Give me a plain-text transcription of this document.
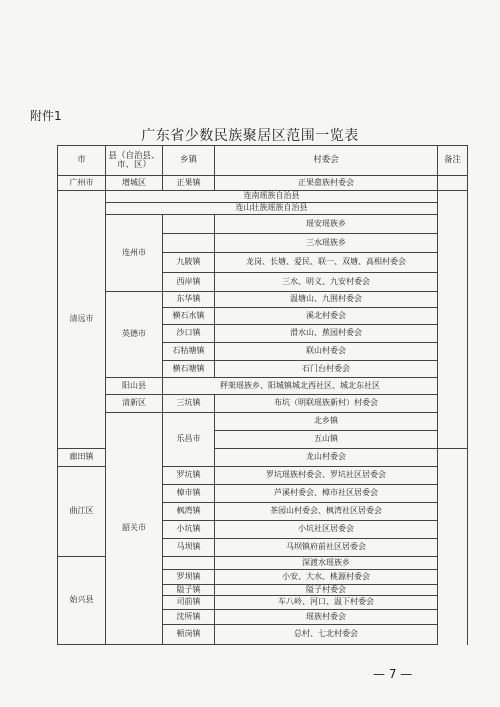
附件1
广东省少数民族聚居区范围一览表
市	县（自治县、市、区）	乡镇	村委会	备注	
广州市	增城区	正果镇	正果畲族村委会		
清远市	连南瑶族自治县				
	连山壮族瑶族自治县				
	连州市		瑶安瑶族乡		
			三水瑶族乡		
		九陂镇	龙岗、长塘、爱民、联一、双塘、高相村委会		
		西岸镇	三水、明义、九安村委会		
	英德市	东华镇	温塘山、九围村委会		
		横石水镇	溪北村委会		
		沙口镇	滑水山、蕉园村委会		
		石牯塘镇	联山村委会		
		横石塘镇	石门台村委会		
	阳山县	秤架瑶族乡、阳城镇城北西社区、城北东社区			
	清新区	三坑镇	布坑（明联瑶族新村）村委会		
	韶关市	乐昌市	北乡镇		
			五山镇	
廊田镇			龙山村委会		
曲江区		罗坑镇	罗坑瑶族村委会、罗坑社区居委会		
		樟市镇	芦溪村委会、樟市社区居委会		
		枫湾镇	茶园山村委会、枫湾社区居委会		
		小坑镇	小坑社区居委会		
		马坝镇	马坝镇府前社区居委会		
始兴县			深渡水瑶族乡		
		罗坝镇	小安、大水、桃源村委会		
		隘子镇	隘子村委会		
		司前镇	车八岭、河口、温下村委会		
		沈所镇	瑶族村委会		
		顿岗镇	总村、七北村委会		
— 7 —
